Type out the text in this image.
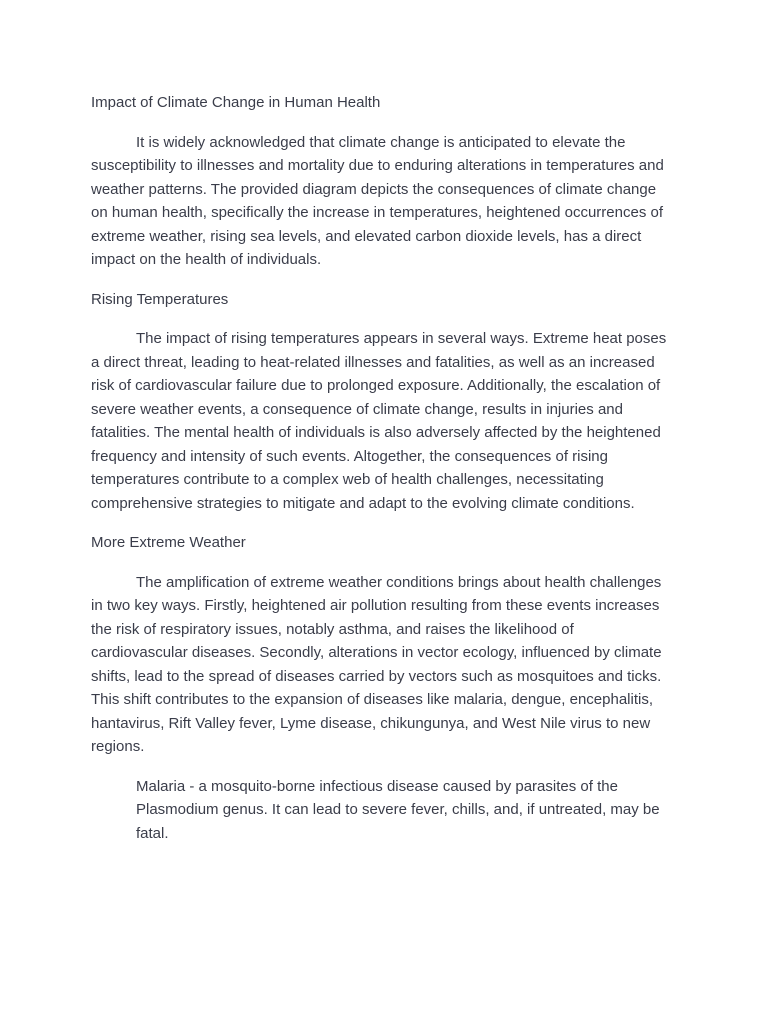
Impact of Climate Change in Human Health

It is widely acknowledged that climate change is anticipated to elevate the susceptibility to illnesses and mortality due to enduring alterations in temperatures and weather patterns. The provided diagram depicts the consequences of climate change on human health, specifically the increase in temperatures, heightened occurrences of extreme weather, rising sea levels, and elevated carbon dioxide levels, has a direct impact on the health of individuals.

Rising Temperatures

The impact of rising temperatures appears in several ways. Extreme heat poses a direct threat, leading to heat-related illnesses and fatalities, as well as an increased risk of cardiovascular failure due to prolonged exposure. Additionally, the escalation of severe weather events, a consequence of climate change, results in injuries and fatalities. The mental health of individuals is also adversely affected by the heightened frequency and intensity of such events. Altogether, the consequences of rising temperatures contribute to a complex web of health challenges, necessitating comprehensive strategies to mitigate and adapt to the evolving climate conditions.

More Extreme Weather

The amplification of extreme weather conditions brings about health challenges in two key ways. Firstly, heightened air pollution resulting from these events increases the risk of respiratory issues, notably asthma, and raises the likelihood of cardiovascular diseases. Secondly, alterations in vector ecology, influenced by climate shifts, lead to the spread of diseases carried by vectors such as mosquitoes and ticks. This shift contributes to the expansion of diseases like malaria, dengue, encephalitis, hantavirus, Rift Valley fever, Lyme disease, chikungunya, and West Nile virus to new regions.

Malaria - a mosquito-borne infectious disease caused by parasites of the Plasmodium genus. It can lead to severe fever, chills, and, if untreated, may be fatal.
